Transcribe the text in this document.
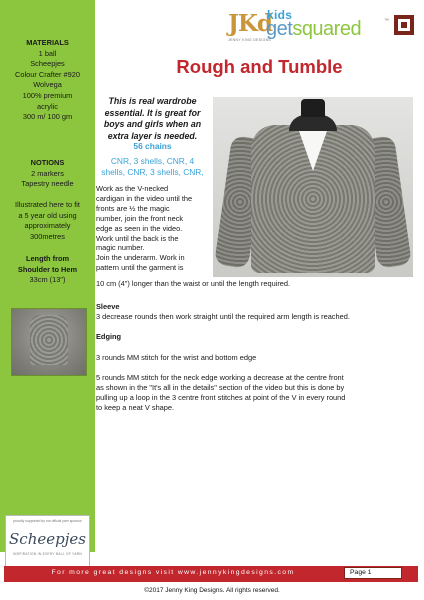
MATERIALS
1 ball
Scheepjes
Colour Crafter #920
Wolvega
100% premium
acrylic
300 m/ 100 gm
NOTIONS
2 markers
Tapestry needle
Illustrated here to fit
a 5 year old using
approximately
300metres
Length from
Shoulder to Hem
33cm (13")
proudly supported by our official yarn sponsor
Scheepjes
INSPIRATION IN EVERY BALL OF YARN
JKd
JENNY KING DESIGNS
kids
getsquared	™
Rough and Tumble
This is real wardrobe
essential. It is great for
boys and girls when an
extra layer is needed.
56 chains
CNR, 3 shells, CNR, 4
shells, CNR, 3 shells, CNR,
Work as the V-necked
cardigan in the video until the
fronts are ½ the magic
number, join the front neck
edge as seen in the video.
Work until the back is the
magic number.
Join the underarm. Work in
pattern until the garment is
10 cm (4") longer than the waist or until the length required.
Sleeve
3 decrease rounds then work straight until the required arm length is reached.
Edging
3 rounds MM stitch for the wrist and bottom edge
5 rounds MM stitch for the neck edge working a decrease at the centre front
as shown in the "It's all in the details" section of the video but this is done by
pulling up a loop in the 3 centre front stitches at point of the V in every round
to keep a neat V shape.
For more great designs visit www.jennykingdesigns.com	Page 1
©2017 Jenny King Designs. All rights reserved.
